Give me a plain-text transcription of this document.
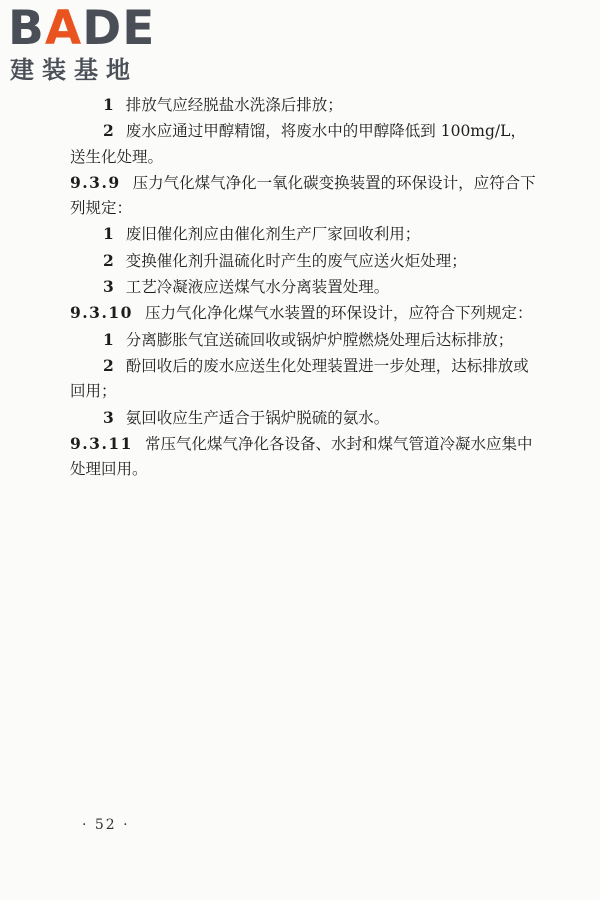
BADE
建装基地

1 排放气应经脱盐水洗涤后排放；

2 废水应通过甲醇精馏，将废水中的甲醇降低到 100mg/L，送生化处理。

9.3.9 压力气化煤气净化一氧化碳变换装置的环保设计，应符合下列规定：

1 废旧催化剂应由催化剂生产厂家回收利用；

2 变换催化剂升温硫化时产生的废气应送火炬处理；

3 工艺冷凝液应送煤气水分离装置处理。

9.3.10 压力气化净化煤气水装置的环保设计，应符合下列规定：

1 分离膨胀气宜送硫回收或锅炉炉膛燃烧处理后达标排放；

2 酚回收后的废水应送生化处理装置进一步处理，达标排放或回用；

3 氨回收应生产适合于锅炉脱硫的氨水。

9.3.11 常压气化煤气净化各设备、水封和煤气管道冷凝水应集中处理回用。

· 52 ·
